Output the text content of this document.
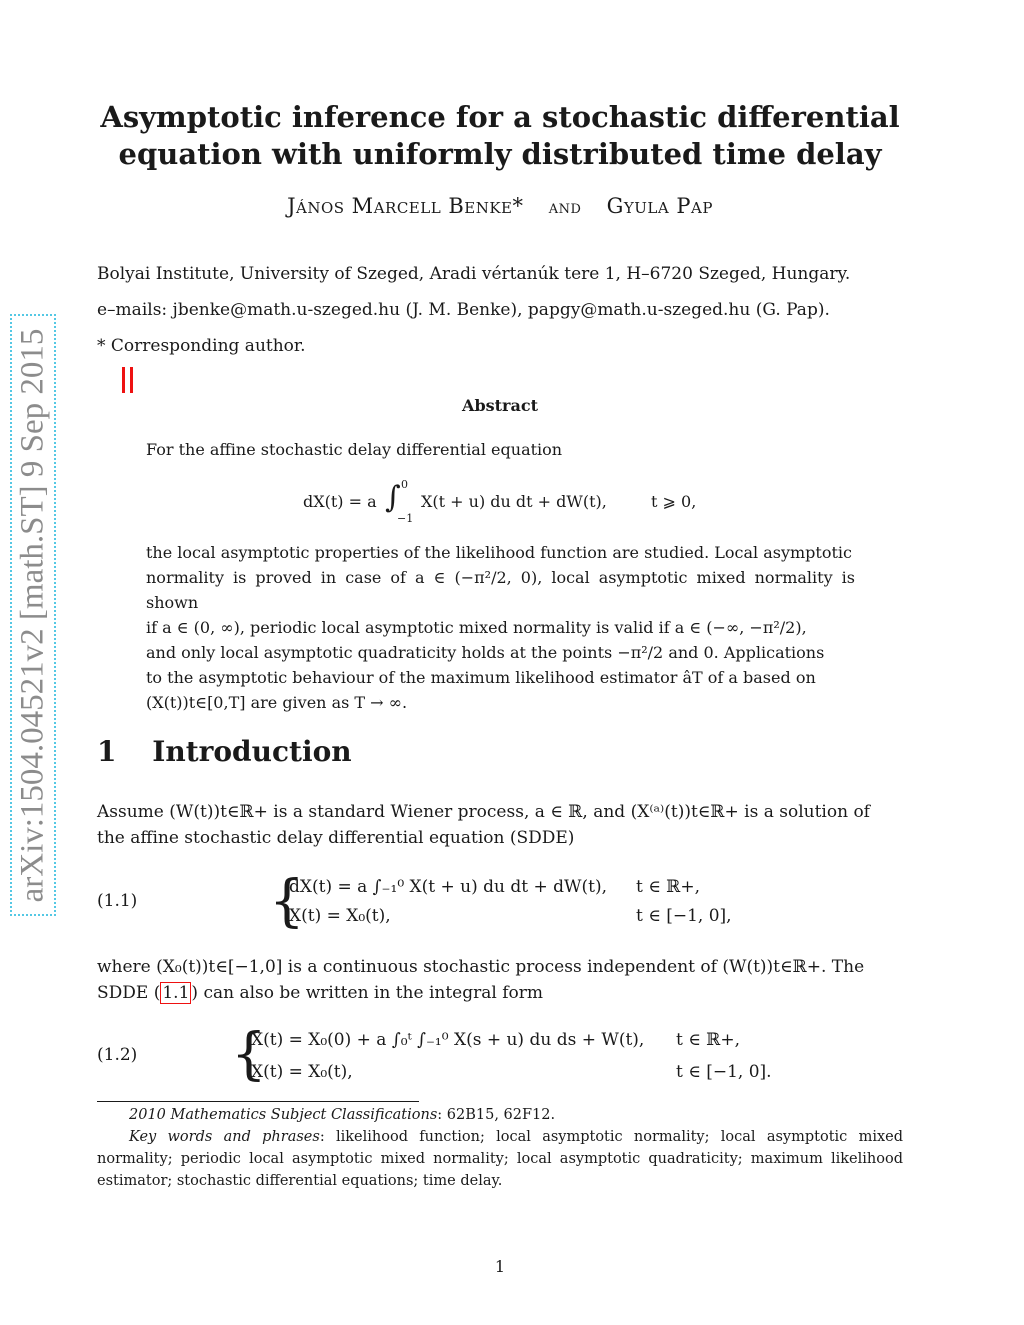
Asymptotic inference for a stochastic differential
equation with uniformly distributed time delay
János Marcell Benke* and Gyula Pap
Bolyai Institute, University of Szeged, Aradi vértanúk tere 1, H–6720 Szeged, Hungary.
e–mails: jbenke@math.u-szeged.hu (J. M. Benke), papgy@math.u-szeged.hu (G. Pap).
* Corresponding author.
arXiv:1504.04521v2 [math.ST] 9 Sep 2015	Abstract
For the affine stochastic delay differential equation
dX(t) = a ∫ 0
−1
X(t + u) du dt + dW(t),	t ⩾ 0,
the local asymptotic properties of the likelihood function are studied. Local asymptotic
normality is proved in case of a ∈ (−π²/2, 0), local asymptotic mixed normality is shown
if a ∈ (0, ∞), periodic local asymptotic mixed normality is valid if a ∈ (−∞, −π²/2),
and only local asymptotic quadraticity holds at the points −π²/2 and 0. Applications
to the asymptotic behaviour of the maximum likelihood estimator âT of a based on
(X(t))t∈[0,T] are given as T → ∞.
1 Introduction
Assume (W(t))t∈ℝ+ is a standard Wiener process, a ∈ ℝ, and (X⁽ᵃ⁾(t))t∈ℝ+ is a solution of
the affine stochastic delay differential equation (SDDE)
(1.1) {
dX(t) = a ∫₋₁⁰ X(t + u) du dt + dW(t), t ∈ ℝ+,
X(t) = X₀(t),	t ∈ [−1, 0],
where (X₀(t))t∈[−1,0] is a continuous stochastic process independent of (W(t))t∈ℝ+. The
SDDE ( 1.1 ) can also be written in the integral form
(1.2) {
X(t) = X₀(0) + a ∫₀ᵗ ∫₋₁⁰ X(s + u) du ds + W(t), t ∈ ℝ+,
X(t) = X₀(t),	t ∈ [−1, 0].
2010 Mathematics Subject Classifications: 62B15, 62F12.
Key words and phrases: likelihood function; local asymptotic normality; local asymptotic mixed normality; periodic local asymptotic mixed normality; local asymptotic quadraticity; maximum likelihood estimator; stochastic differential equations; time delay.
1
